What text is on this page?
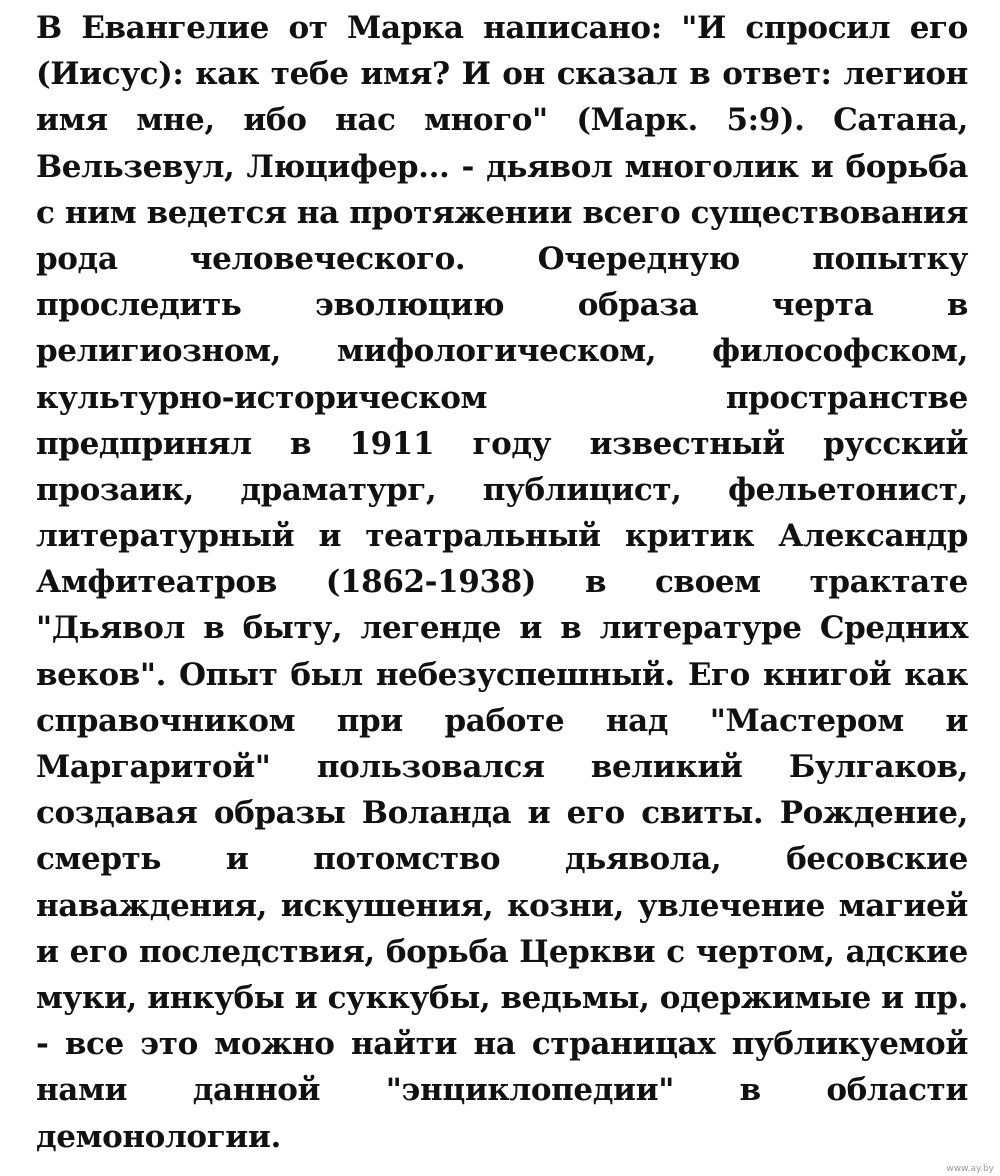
В Евангелие от Марка написано: "И спросил его
(Иисус): как тебе имя? И он сказал в ответ: легион
имя мне, ибо нас много" (Марк. 5:9). Сатана,
Вельзевул, Люцифер... - дьявол многолик и борьба
с ним ведется на протяжении всего существования
рода человеческого. Очередную попытку
проследить эволюцию образа черта в
религиозном, мифологическом, философском,
культурно-историческом	пространстве
предпринял в 1911 году известный русский
прозаик, драматург, публицист, фельетонист,
литературный и театральный критик Александр
Амфитеатров (1862-1938) в своем трактате
"Дьявол в быту, легенде и в литературе Средних
веков". Опыт был небезуспешный. Его книгой как
справочником при работе над "Мастером и
Маргаритой" пользовался великий Булгаков,
создавая образы Воланда и его свиты. Рождение,
смерть и потомство дьявола, бесовские
наваждения, искушения, козни, увлечение магией
и его последствия, борьба Церкви с чертом, адские
муки, инкубы и суккубы, ведьмы, одержимые и пр.
- все это можно найти на страницах публикуемой
нами данной "энциклопедии" в области
демонологии.
www.ay.by
